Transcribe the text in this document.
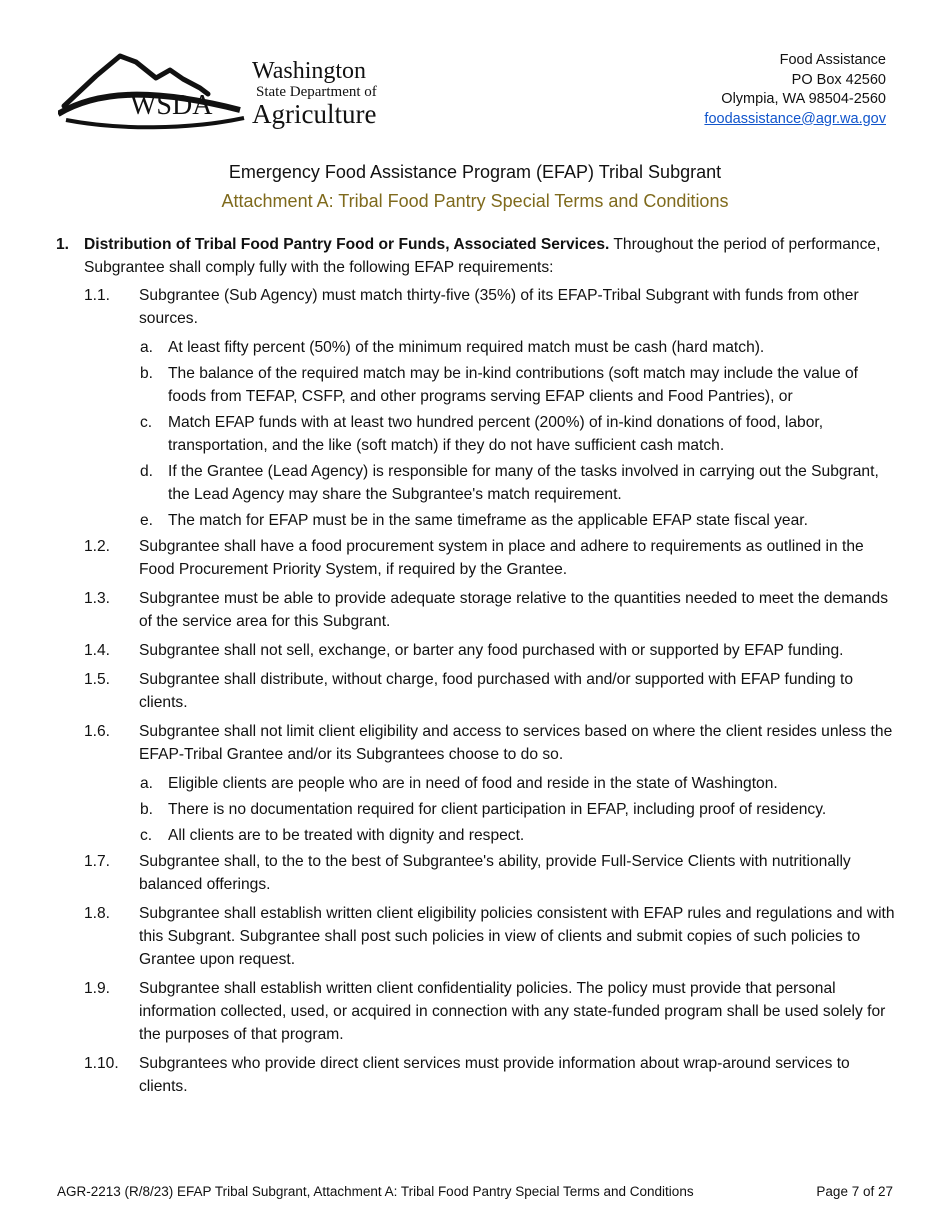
WSDA
Washington
State Department of
Agriculture
Food Assistance
PO Box 42560
Olympia, WA 98504-2560
foodassistance@agr.wa.gov
Emergency Food Assistance Program (EFAP) Tribal Subgrant
Attachment A: Tribal Food Pantry Special Terms and Conditions
1. Distribution of Tribal Food Pantry Food or Funds, Associated Services. Throughout the period of performance, Subgrantee shall comply fully with the following EFAP requirements:
1.1. Subgrantee (Sub Agency) must match thirty-five (35%) of its EFAP-Tribal Subgrant with funds from other sources.
a. At least fifty percent (50%) of the minimum required match must be cash (hard match).
b. The balance of the required match may be in-kind contributions (soft match may include the value of foods from TEFAP, CSFP, and other programs serving EFAP clients and Food Pantries), or
c. Match EFAP funds with at least two hundred percent (200%) of in-kind donations of food, labor, transportation, and the like (soft match) if they do not have sufficient cash match.
d. If the Grantee (Lead Agency) is responsible for many of the tasks involved in carrying out the Subgrant, the Lead Agency may share the Subgrantee's match requirement.
e. The match for EFAP must be in the same timeframe as the applicable EFAP state fiscal year.
1.2. Subgrantee shall have a food procurement system in place and adhere to requirements as outlined in the Food Procurement Priority System, if required by the Grantee.
1.3. Subgrantee must be able to provide adequate storage relative to the quantities needed to meet the demands of the service area for this Subgrant.
1.4. Subgrantee shall not sell, exchange, or barter any food purchased with or supported by EFAP funding.
1.5. Subgrantee shall distribute, without charge, food purchased with and/or supported with EFAP funding to clients.
1.6. Subgrantee shall not limit client eligibility and access to services based on where the client resides unless the EFAP-Tribal Grantee and/or its Subgrantees choose to do so.
a. Eligible clients are people who are in need of food and reside in the state of Washington.
b. There is no documentation required for client participation in EFAP, including proof of residency.
c. All clients are to be treated with dignity and respect.
1.7. Subgrantee shall, to the to the best of Subgrantee's ability, provide Full-Service Clients with nutritionally balanced offerings.
1.8. Subgrantee shall establish written client eligibility policies consistent with EFAP rules and regulations and with this Subgrant. Subgrantee shall post such policies in view of clients and submit copies of such policies to Grantee upon request.
1.9. Subgrantee shall establish written client confidentiality policies. The policy must provide that personal information collected, used, or acquired in connection with any state-funded program shall be used solely for the purposes of that program.
1.10. Subgrantees who provide direct client services must provide information about wrap-around services to clients.
AGR-2213 (R/8/23) EFAP Tribal Subgrant, Attachment A: Tribal Food Pantry Special Terms and Conditions	Page 7 of 27
